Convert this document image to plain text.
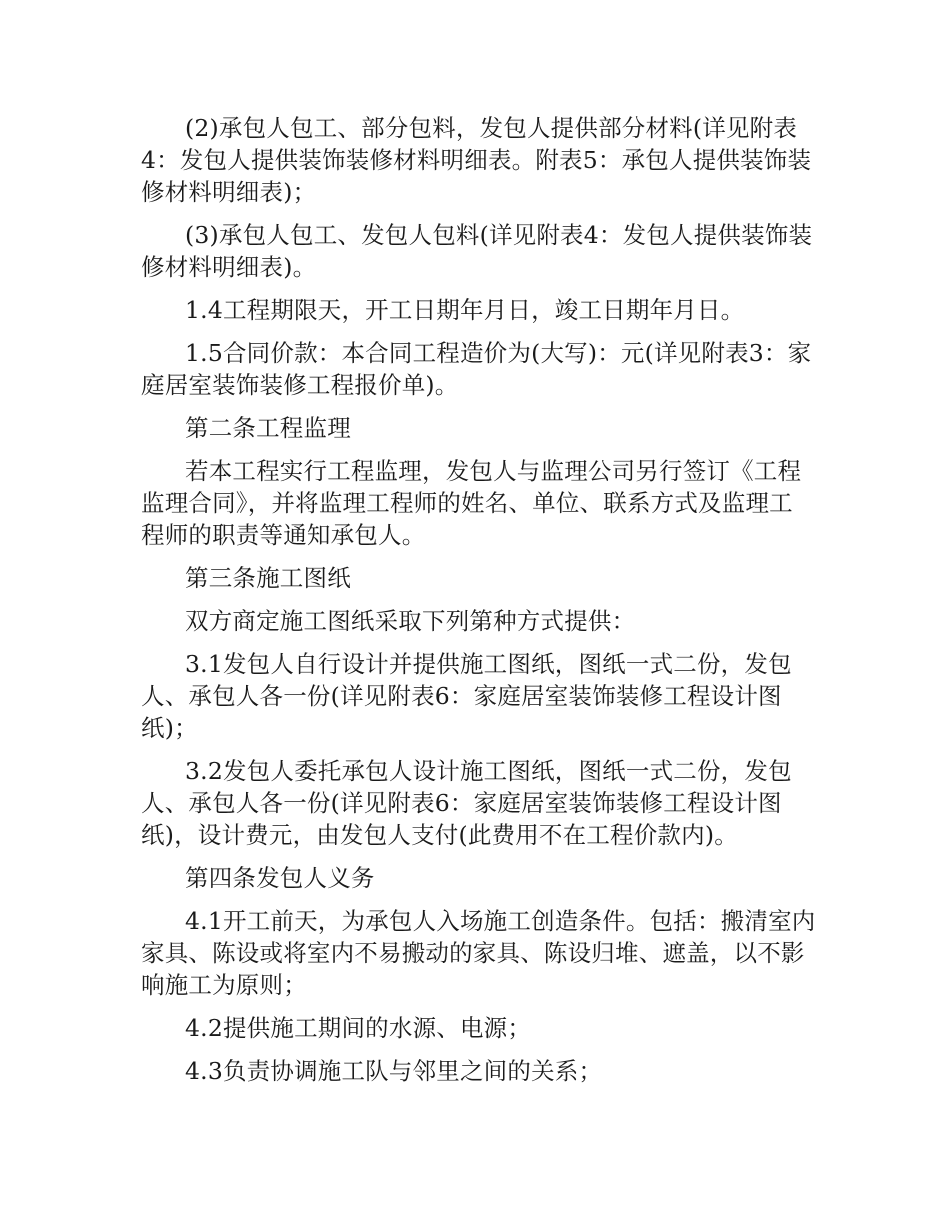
(2)承包人包工、部分包料，发包人提供部分材料(详见附表4：发包人提供装饰装修材料明细表。附表5：承包人提供装饰装修材料明细表)；

(3)承包人包工、发包人包料(详见附表4：发包人提供装饰装修材料明细表)。

1.4工程期限天，开工日期年月日，竣工日期年月日。

1.5合同价款：本合同工程造价为(大写)：元(详见附表3：家庭居室装饰装修工程报价单)。

第二条工程监理

若本工程实行工程监理，发包人与监理公司另行签订《工程监理合同》，并将监理工程师的姓名、单位、联系方式及监理工程师的职责等通知承包人。

第三条施工图纸

双方商定施工图纸采取下列第种方式提供：

3.1发包人自行设计并提供施工图纸，图纸一式二份，发包人、承包人各一份(详见附表6：家庭居室装饰装修工程设计图纸)；

3.2发包人委托承包人设计施工图纸，图纸一式二份，发包人、承包人各一份(详见附表6：家庭居室装饰装修工程设计图纸)，设计费元，由发包人支付(此费用不在工程价款内)。

第四条发包人义务

4.1开工前天，为承包人入场施工创造条件。包括：搬清室内家具、陈设或将室内不易搬动的家具、陈设归堆、遮盖，以不影响施工为原则；

4.2提供施工期间的水源、电源；

4.3负责协调施工队与邻里之间的关系；
